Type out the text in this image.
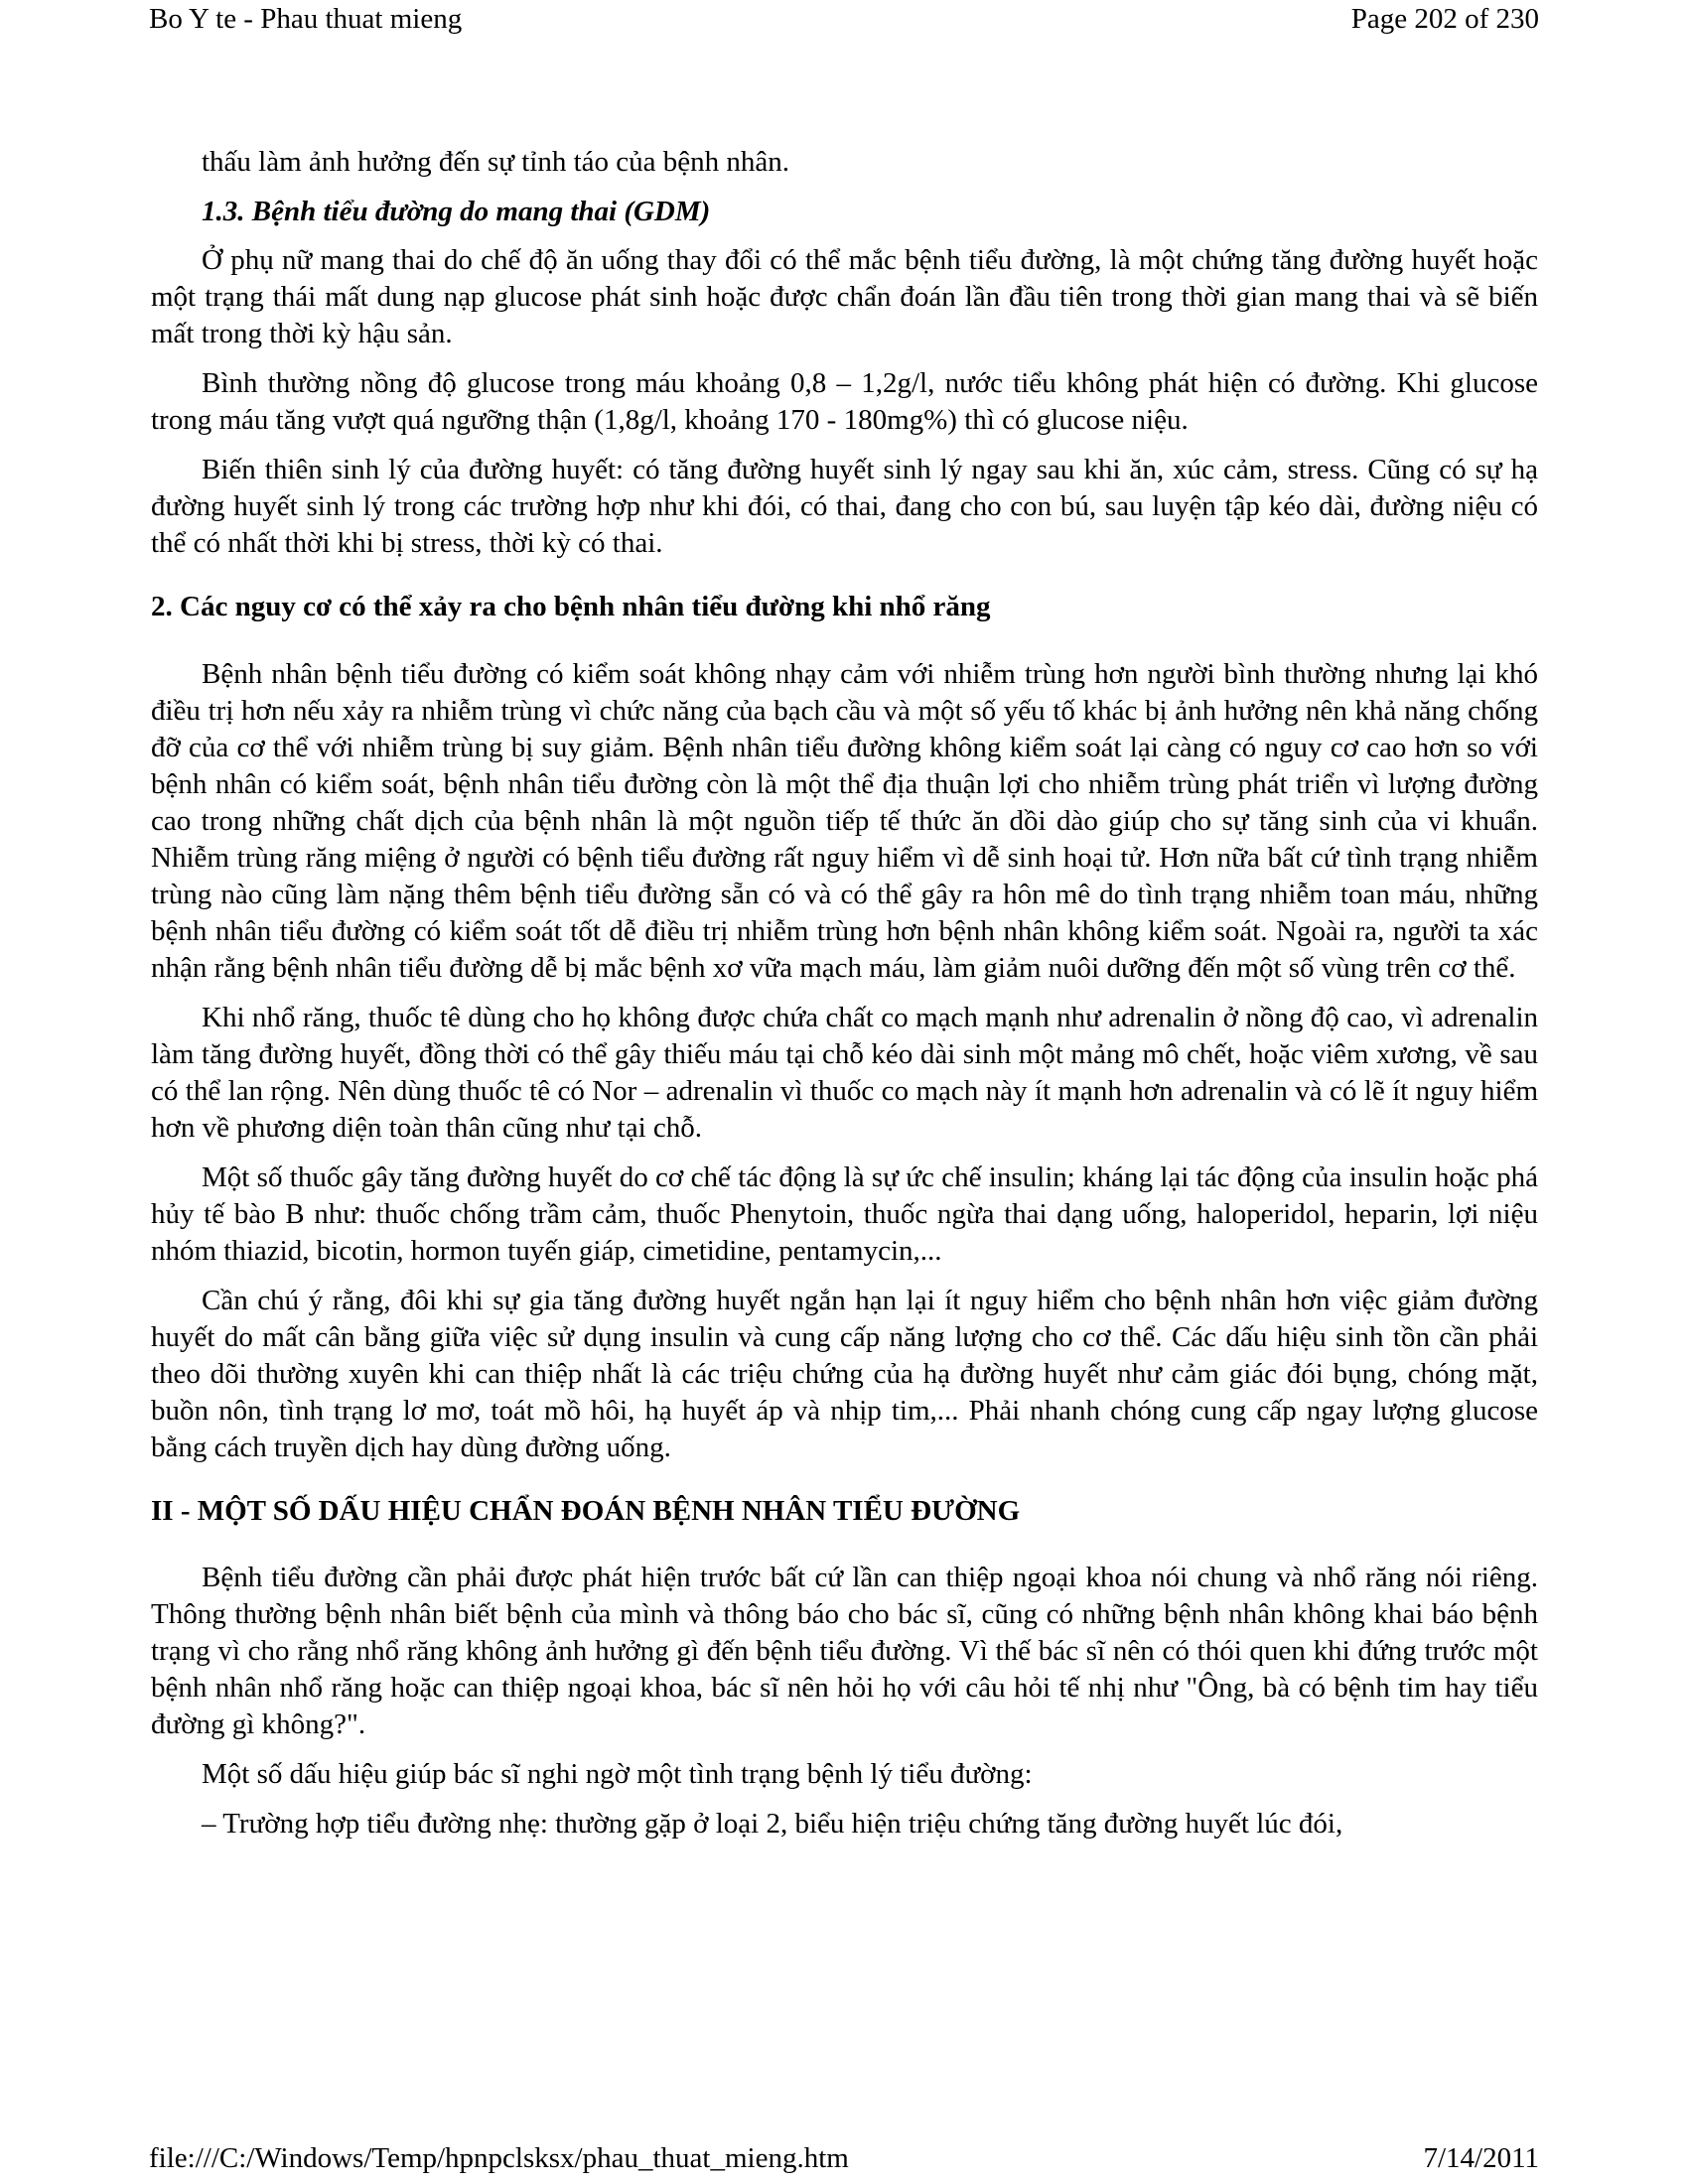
Bo Y te - Phau thuat mieng	Page 202 of 230

thấu làm ảnh hưởng đến sự tỉnh táo của bệnh nhân.

1.3. Bệnh tiểu đường do mang thai (GDM)

Ở phụ nữ mang thai do chế độ ăn uống thay đổi có thể mắc bệnh tiểu đường, là một chứng tăng đường huyết hoặc một trạng thái mất dung nạp glucose phát sinh hoặc được chẩn đoán lần đầu tiên trong thời gian mang thai và sẽ biến mất trong thời kỳ hậu sản.

Bình thường nồng độ glucose trong máu khoảng 0,8 – 1,2g/l, nước tiểu không phát hiện có đường. Khi glucose trong máu tăng vượt quá ngưỡng thận (1,8g/l, khoảng 170 - 180mg%) thì có glucose niệu.

Biến thiên sinh lý của đường huyết: có tăng đường huyết sinh lý ngay sau khi ăn, xúc cảm, stress. Cũng có sự hạ đường huyết sinh lý trong các trường hợp như khi đói, có thai, đang cho con bú, sau luyện tập kéo dài, đường niệu có thể có nhất thời khi bị stress, thời kỳ có thai.

2. Các nguy cơ có thể xảy ra cho bệnh nhân tiểu đường khi nhổ răng

Bệnh nhân bệnh tiểu đường có kiểm soát không nhạy cảm với nhiễm trùng hơn người bình thường nhưng lại khó điều trị hơn nếu xảy ra nhiễm trùng vì chức năng của bạch cầu và một số yếu tố khác bị ảnh hưởng nên khả năng chống đỡ của cơ thể với nhiễm trùng bị suy giảm. Bệnh nhân tiểu đường không kiểm soát lại càng có nguy cơ cao hơn so với bệnh nhân có kiểm soát, bệnh nhân tiểu đường còn là một thể địa thuận lợi cho nhiễm trùng phát triển vì lượng đường cao trong những chất dịch của bệnh nhân là một nguồn tiếp tế thức ăn dồi dào giúp cho sự tăng sinh của vi khuẩn. Nhiễm trùng răng miệng ở người có bệnh tiểu đường rất nguy hiểm vì dễ sinh hoại tử. Hơn nữa bất cứ tình trạng nhiễm trùng nào cũng làm nặng thêm bệnh tiểu đường sẵn có và có thể gây ra hôn mê do tình trạng nhiễm toan máu, những bệnh nhân tiểu đường có kiểm soát tốt dễ điều trị nhiễm trùng hơn bệnh nhân không kiểm soát. Ngoài ra, người ta xác nhận rằng bệnh nhân tiểu đường dễ bị mắc bệnh xơ vữa mạch máu, làm giảm nuôi dưỡng đến một số vùng trên cơ thể.

Khi nhổ răng, thuốc tê dùng cho họ không được chứa chất co mạch mạnh như adrenalin ở nồng độ cao, vì adrenalin làm tăng đường huyết, đồng thời có thể gây thiếu máu tại chỗ kéo dài sinh một mảng mô chết, hoặc viêm xương, về sau có thể lan rộng. Nên dùng thuốc tê có Nor – adrenalin vì thuốc co mạch này ít mạnh hơn adrenalin và có lẽ ít nguy hiểm hơn về phương diện toàn thân cũng như tại chỗ.

Một số thuốc gây tăng đường huyết do cơ chế tác động là sự ức chế insulin; kháng lại tác động của insulin hoặc phá hủy tế bào B như: thuốc chống trầm cảm, thuốc Phenytoin, thuốc ngừa thai dạng uống, haloperidol, heparin, lợi niệu nhóm thiazid, bicotin, hormon tuyến giáp, cimetidine, pentamycin,...

Cần chú ý rằng, đôi khi sự gia tăng đường huyết ngắn hạn lại ít nguy hiểm cho bệnh nhân hơn việc giảm đường huyết do mất cân bằng giữa việc sử dụng insulin và cung cấp năng lượng cho cơ thể. Các dấu hiệu sinh tồn cần phải theo dõi thường xuyên khi can thiệp nhất là các triệu chứng của hạ đường huyết như cảm giác đói bụng, chóng mặt, buồn nôn, tình trạng lơ mơ, toát mồ hôi, hạ huyết áp và nhịp tim,... Phải nhanh chóng cung cấp ngay lượng glucose bằng cách truyền dịch hay dùng đường uống.

II - MỘT SỐ DẤU HIỆU CHẨN ĐOÁN BỆNH NHÂN TIỂU ĐƯỜNG

Bệnh tiểu đường cần phải được phát hiện trước bất cứ lần can thiệp ngoại khoa nói chung và nhổ răng nói riêng. Thông thường bệnh nhân biết bệnh của mình và thông báo cho bác sĩ, cũng có những bệnh nhân không khai báo bệnh trạng vì cho rằng nhổ răng không ảnh hưởng gì đến bệnh tiểu đường. Vì thế bác sĩ nên có thói quen khi đứng trước một bệnh nhân nhổ răng hoặc can thiệp ngoại khoa, bác sĩ nên hỏi họ với câu hỏi tế nhị như "Ông, bà có bệnh tim hay tiểu đường gì không?".

Một số dấu hiệu giúp bác sĩ nghi ngờ một tình trạng bệnh lý tiểu đường:

– Trường hợp tiểu đường nhẹ: thường gặp ở loại 2, biểu hiện triệu chứng tăng đường huyết lúc đói,

file:///C:/Windows/Temp/hpnpclsksx/phau_thuat_mieng.htm	7/14/2011
